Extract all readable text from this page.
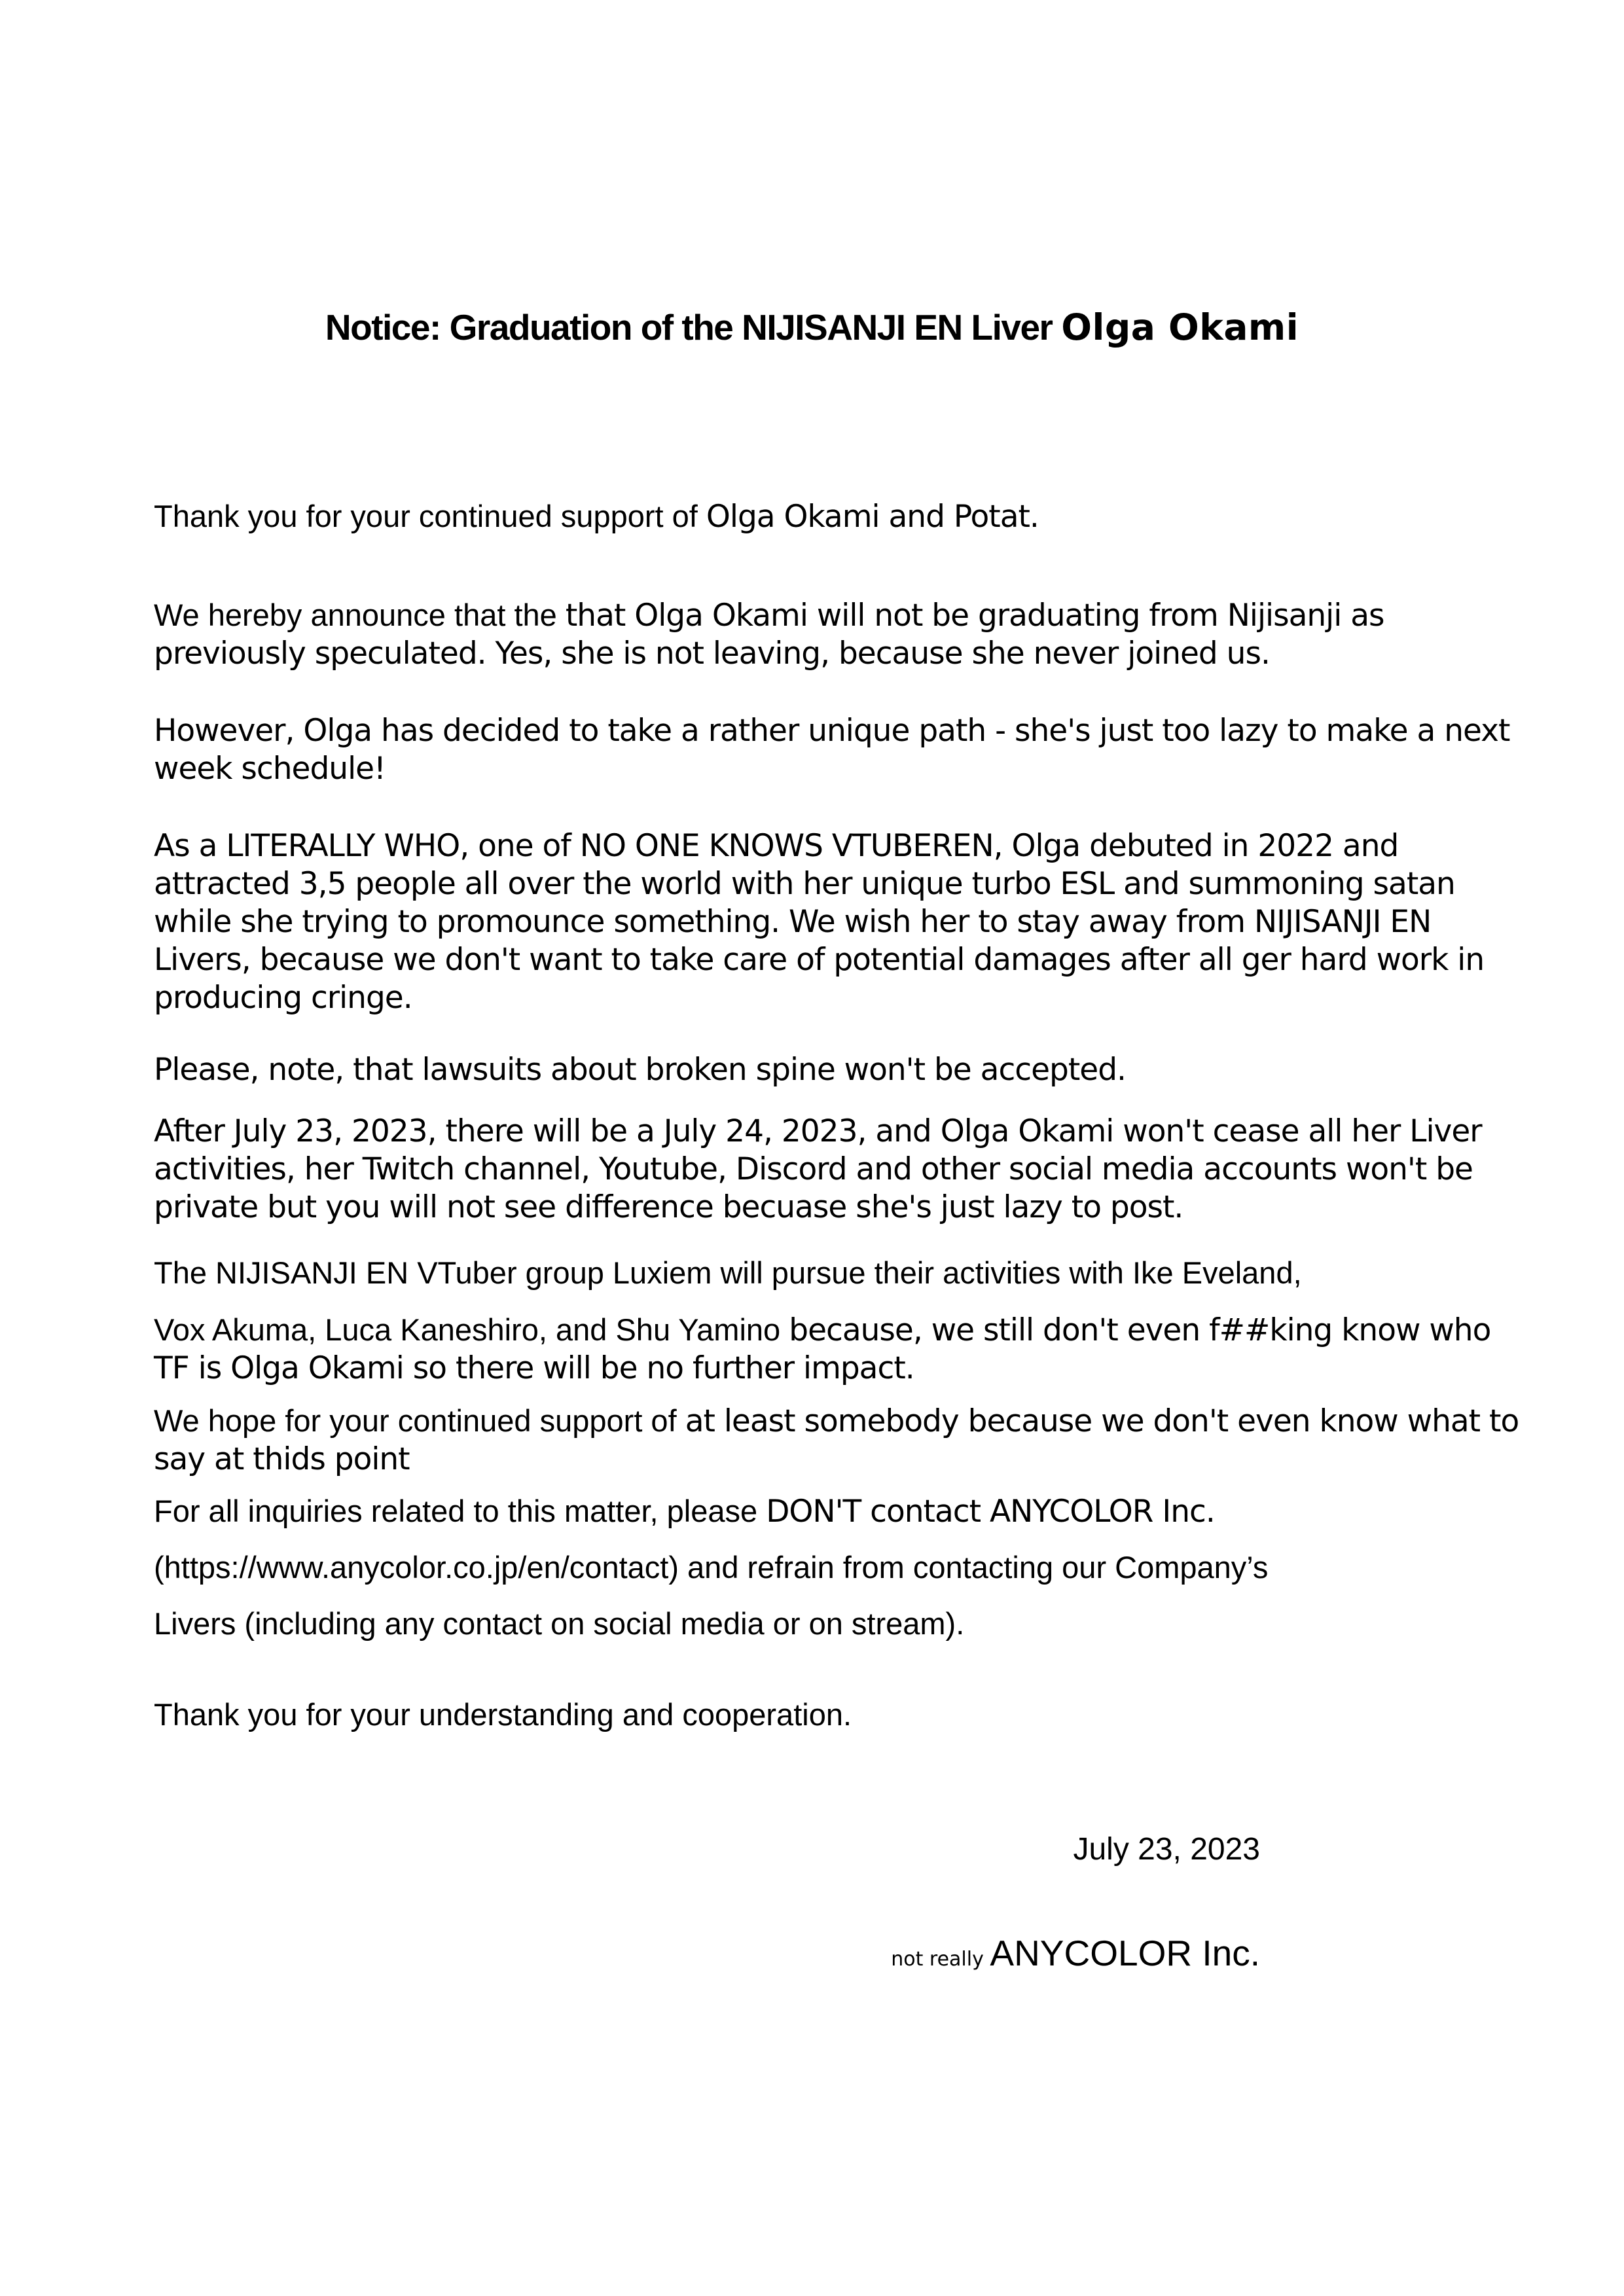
Notice: Graduation of the NIJISANJI EN Liver Olga Okami

Thank you for your continued support of Olga Okami and Potat.

We hereby announce that the that Olga Okami will not be graduating from Nijisanji as previously speculated. Yes, she is not leaving, because she never joined us.

However, Olga has decided to take a rather unique path - she's just too lazy to make a next week schedule!

As a LITERALLY WHO, one of NO ONE KNOWS VTUBEREN, Olga debuted in 2022 and attracted 3,5 people all over the world with her unique turbo ESL and summoning satan while she trying to promounce something. We wish her to stay away from NIJISANJI EN Livers, because we don't want to take care of potential damages after all ger hard work in producing cringe.

Please, note, that lawsuits about broken spine won't be accepted.

After July 23, 2023, there will be a July 24, 2023, and Olga Okami won't cease all her Liver activities, her Twitch channel, Youtube, Discord and other social media accounts won't be private but you will not see difference becuase she's just lazy to post.

The NIJISANJI EN VTuber group Luxiem will pursue their activities with Ike Eveland,

Vox Akuma, Luca Kaneshiro, and Shu Yamino because, we still don't even f##king know who TF is Olga Okami so there will be no further impact.

We hope for your continued support of at least somebody because we don't even know what to say at thids point

For all inquiries related to this matter, please DON'T contact ANYCOLOR Inc.

(https://www.anycolor.co.jp/en/contact) and refrain from contacting our Company’s

Livers (including any contact on social media or on stream).

Thank you for your understanding and cooperation.

July 23, 2023
not really ANYCOLOR Inc.
